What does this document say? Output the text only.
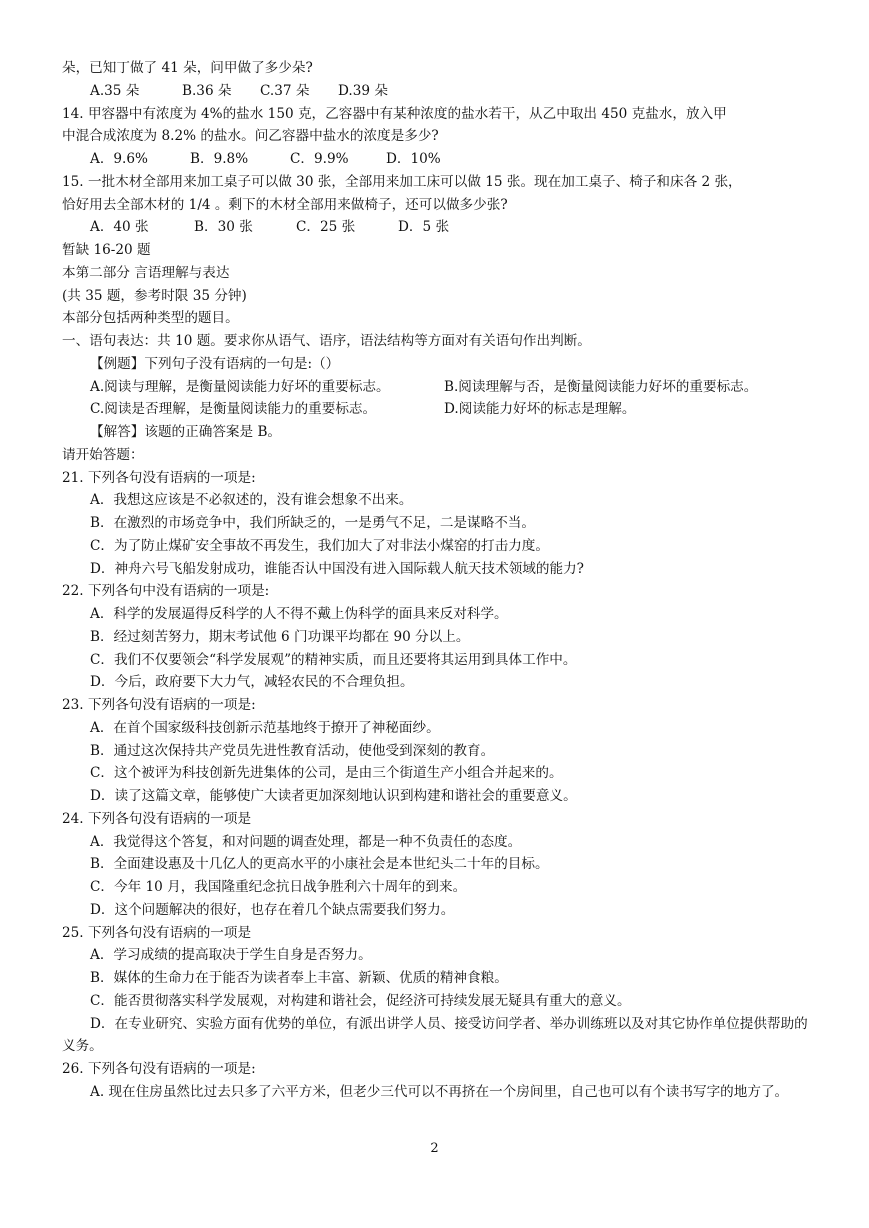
朵，已知丁做了 41 朵，问甲做了多少朵?
A.35 朵	B.36 朵	C.37 朵	D.39 朵
14. 甲容器中有浓度为 4%的盐水 150 克，乙容器中有某种浓度的盐水若干，从乙中取出 450 克盐水，放入甲
中混合成浓度为 8.2% 的盐水。问乙容器中盐水的浓度是多少?
A．9.6%	B．9.8%	C．9.9%	D．10%
15. 一批木材全部用来加工桌子可以做 30 张，全部用来加工床可以做 15 张。现在加工桌子、椅子和床各 2 张，
恰好用去全部木材的 1/4 。剩下的木材全部用来做椅子，还可以做多少张?
A．40 张	B．30 张	C．25 张	D．5 张
暂缺 16-20 题
本第二部分 言语理解与表达
(共 35 题，参考时限 35 分钟)
本部分包括两种类型的题目。
一、语句表达：共 10 题。要求你从语气、语序，语法结构等方面对有关语句作出判断。
【例题】下列句子没有语病的一句是:（）
A.阅读与理解，是衡量阅读能力好坏的重要标志。	B.阅读理解与否，是衡量阅读能力好坏的重要标志。
C.阅读是否理解，是衡量阅读能力的重要标志。	D.阅读能力好坏的标志是理解。
【解答】该题的正确答案是 B。
请开始答题：
21. 下列各句没有语病的一项是:
A．我想这应该是不必叙述的，没有谁会想象不出来。
B．在激烈的市场竞争中，我们所缺乏的，一是勇气不足，二是谋略不当。
C．为了防止煤矿安全事故不再发生，我们加大了对非法小煤窑的打击力度。
D．神舟六号飞船发射成功，谁能否认中国没有进入国际载人航天技术领域的能力?
22. 下列各句中没有语病的一项是:
A．科学的发展逼得反科学的人不得不戴上伪科学的面具来反对科学。
B．经过刻苦努力，期末考试他 6 门功课平均都在 90 分以上。
C．我们不仅要领会“科学发展观”的精神实质，而且还要将其运用到具体工作中。
D．今后，政府要下大力气，减轻农民的不合理负担。
23. 下列各句没有语病的一项是:
A．在首个国家级科技创新示范基地终于撩开了神秘面纱。
B．通过这次保持共产党员先进性教育活动，使他受到深刻的教育。
C．这个被评为科技创新先进集体的公司，是由三个街道生产小组合并起来的。
D．读了这篇文章，能够使广大读者更加深刻地认识到构建和谐社会的重要意义。
24. 下列各句没有语病的一项是
A．我觉得这个答复，和对问题的调查处理，都是一种不负责任的态度。
B．全面建设惠及十几亿人的更高水平的小康社会是本世纪头二十年的目标。
C．今年 10 月，我国隆重纪念抗日战争胜利六十周年的到来。
D．这个问题解决的很好，也存在着几个缺点需要我们努力。
25. 下列各句没有语病的一项是
A．学习成绩的提高取决于学生自身是否努力。
B．媒体的生命力在于能否为读者奉上丰富、新颖、优质的精神食粮。
C．能否贯彻落实科学发展观，对构建和谐社会，促经济可持续发展无疑具有重大的意义。
D．在专业研究、实验方面有优势的单位，有派出讲学人员、接受访问学者、举办训练班以及对其它协作单位提供帮助的义务。
26. 下列各句没有语病的一项是:
A. 现在住房虽然比过去只多了六平方米，但老少三代可以不再挤在一个房间里，自己也可以有个读书写字的地方了。
2
